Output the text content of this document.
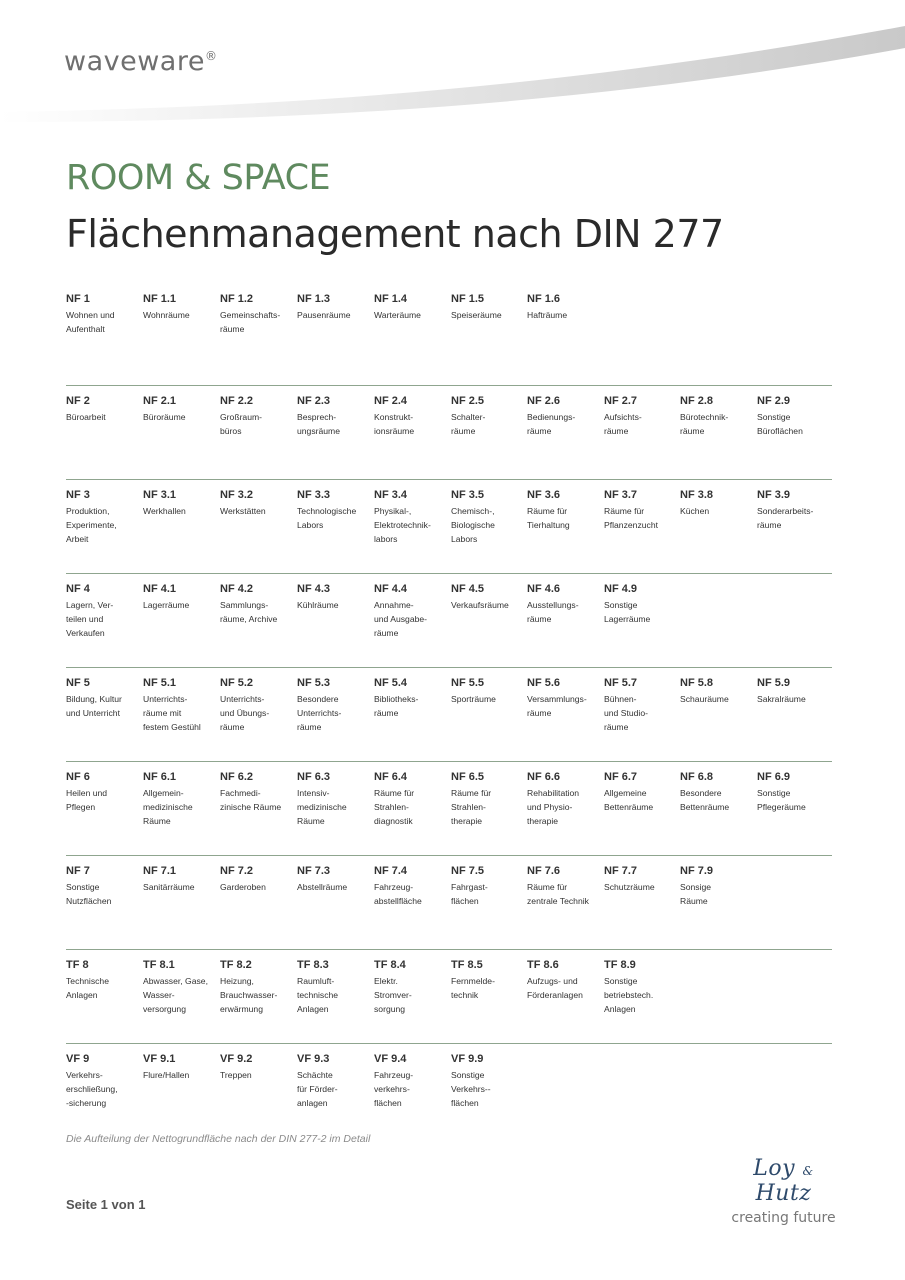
waveware®
ROOM & SPACE
Flächenmanagement nach DIN 277
NF 1
Wohnen und
Aufenthalt
NF 1.1
Wohnräume
NF 1.2
Gemeinschafts-
räume
NF 1.3
Pausenräume
NF 1.4
Warteräume
NF 1.5
Speiseräume
NF 1.6
Hafträume
NF 2
Büroarbeit
NF 2.1
Büroräume
NF 2.2
Großraum-
büros
NF 2.3
Besprech-
ungsräume
NF 2.4
Konstrukt-
ionsräume
NF 2.5
Schalter-
räume
NF 2.6
Bedienungs-
räume
NF 2.7
Aufsichts-
räume
NF 2.8
Bürotechnik-
räume
NF 2.9
Sonstige
Büroflächen
NF 3
Produktion,
Experimente,
Arbeit
NF 3.1
Werkhallen
NF 3.2
Werkstätten
NF 3.3
Technologische
Labors
NF 3.4
Physikal-,
Elektrotechnik-
labors
NF 3.5
Chemisch-,
Biologische
Labors
NF 3.6
Räume für
Tierhaltung
NF 3.7
Räume für
Pflanzenzucht
NF 3.8
Küchen
NF 3.9
Sonderarbeits-
räume
NF 4
Lagern, Ver-
teilen und
Verkaufen
NF 4.1
Lagerräume
NF 4.2
Sammlungs-
räume, Archive
NF 4.3
Kühlräume
NF 4.4
Annahme-
und Ausgabe-
räume
NF 4.5
Verkaufsräume
NF 4.6
Ausstellungs-
räume
NF 4.9
Sonstige
Lagerräume
NF 5
Bildung, Kultur
und Unterricht
NF 5.1
Unterrichts-
räume mit
festem Gestühl
NF 5.2
Unterrichts-
und Übungs-
räume
NF 5.3
Besondere
Unterrichts-
räume
NF 5.4
Bibliotheks-
räume
NF 5.5
Sporträume
NF 5.6
Versammlungs-
räume
NF 5.7
Bühnen-
und Studio-
räume
NF 5.8
Schauräume
NF 5.9
Sakralräume
NF 6
Heilen und
Pflegen
NF 6.1
Allgemein-
medizinische
Räume
NF 6.2
Fachmedi-
zinische Räume
NF 6.3
Intensiv-
medizinische
Räume
NF 6.4
Räume für
Strahlen-
diagnostik
NF 6.5
Räume für
Strahlen-
therapie
NF 6.6
Rehabilitation
und Physio-
therapie
NF 6.7
Allgemeine
Bettenräume
NF 6.8
Besondere
Bettenräume
NF 6.9
Sonstige
Pflegeräume
NF 7
Sonstige
Nutzflächen
NF 7.1
Sanitärräume
NF 7.2
Garderoben
NF 7.3
Abstellräume
NF 7.4
Fahrzeug-
abstellfläche
NF 7.5
Fahrgast-
flächen
NF 7.6
Räume für
zentrale Technik
NF 7.7
Schutzräume
NF 7.9
Sonsige
Räume
TF 8
Technische
Anlagen
TF 8.1
Abwasser, Gase,
Wasser-
versorgung
TF 8.2
Heizung,
Brauchwasser-
erwärmung
TF 8.3
Raumluft-
technische
Anlagen
TF 8.4
Elektr.
Stromver-
sorgung
TF 8.5
Fernmelde-
technik
TF 8.6
Aufzugs- und
Förderanlagen
TF 8.9
Sonstige
betriebstech.
Anlagen
VF 9
Verkehrs-
erschließung,
-sicherung
VF 9.1
Flure/Hallen
VF 9.2
Treppen
VF 9.3
Schächte
für Förder-
anlagen
VF 9.4
Fahrzeug-
verkehrs-
flächen
VF 9.9
Sonstige
Verkehrs--
flächen
Die Aufteilung der Nettogrundfläche nach der DIN 277-2 im Detail
Seite 1 von 1
Loy & Hutz
creating future
